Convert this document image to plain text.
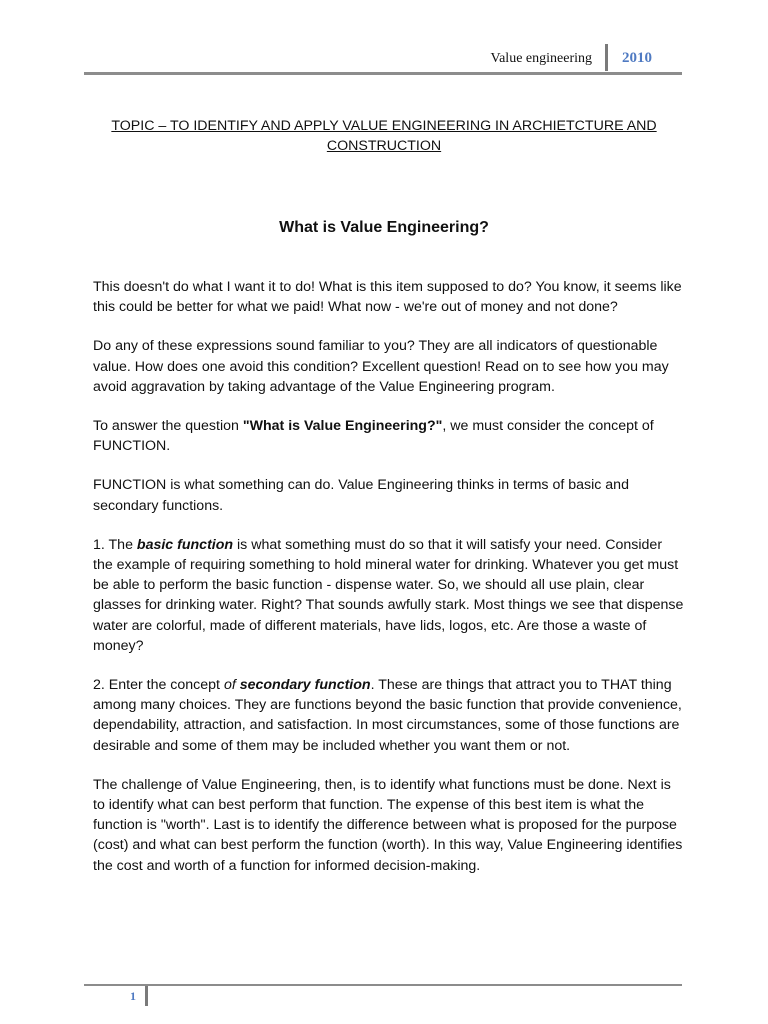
Value engineering 2010
TOPIC – TO IDENTIFY AND APPLY VALUE ENGINEERING IN ARCHIETCTURE AND CONSTRUCTION
What is Value Engineering?

This doesn't do what I want it to do! What is this item supposed to do? You know, it seems like this could be better for what we paid! What now - we're out of money and not done?

Do any of these expressions sound familiar to you? They are all indicators of questionable value. How does one avoid this condition? Excellent question! Read on to see how you may avoid aggravation by taking advantage of the Value Engineering program.

To answer the question "What is Value Engineering?", we must consider the concept of FUNCTION.

FUNCTION is what something can do. Value Engineering thinks in terms of basic and secondary functions.

1. The basic function is what something must do so that it will satisfy your need. Consider the example of requiring something to hold mineral water for drinking. Whatever you get must be able to perform the basic function - dispense water. So, we should all use plain, clear glasses for drinking water. Right? That sounds awfully stark. Most things we see that dispense water are colorful, made of different materials, have lids, logos, etc. Are those a waste of money?

2. Enter the concept of secondary function. These are things that attract you to THAT thing among many choices. They are functions beyond the basic function that provide convenience, dependability, attraction, and satisfaction. In most circumstances, some of those functions are desirable and some of them may be included whether you want them or not.

The challenge of Value Engineering, then, is to identify what functions must be done. Next is to identify what can best perform that function. The expense of this best item is what the function is "worth". Last is to identify the difference between what is proposed for the purpose (cost) and what can best perform the function (worth). In this way, Value Engineering identifies the cost and worth of a function for informed decision-making.

1
